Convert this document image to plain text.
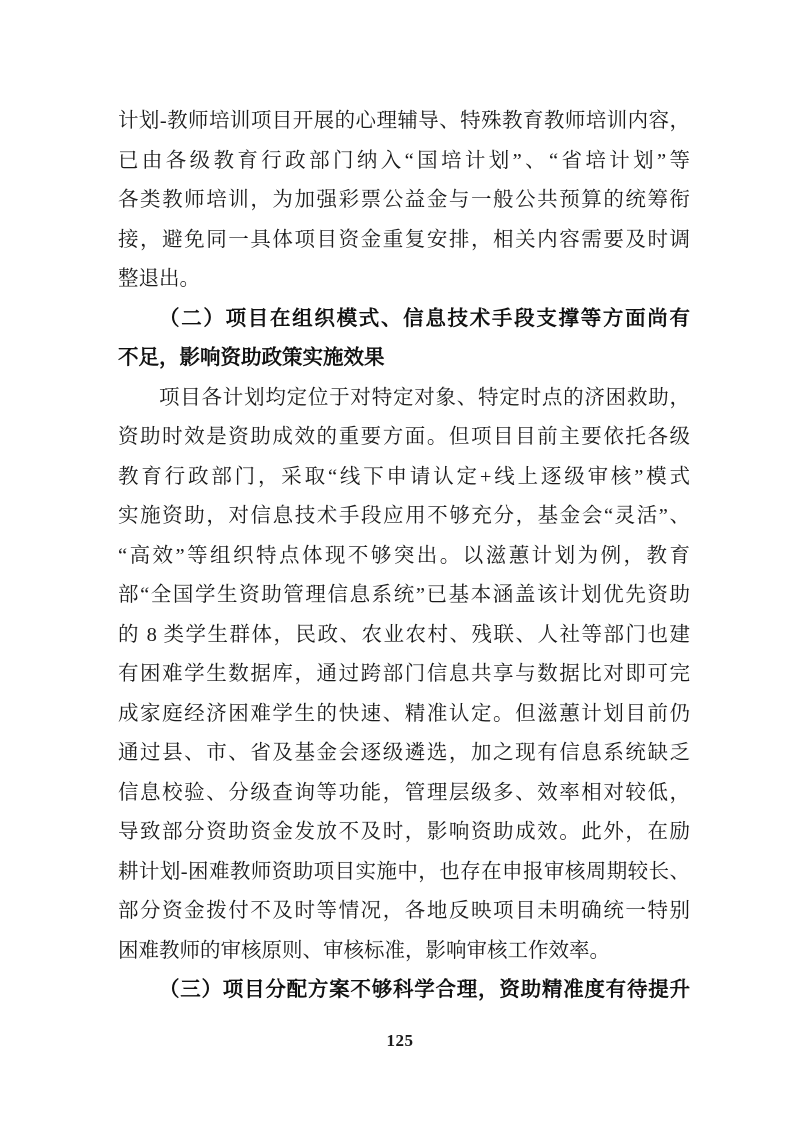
计划-教师培训项目开展的心理辅导、特殊教育教师培训内容，
已由各级教育行政部门纳入“国培计划”、“省培计划”等
各类教师培训，为加强彩票公益金与一般公共预算的统筹衔
接，避免同一具体项目资金重复安排，相关内容需要及时调
整退出。
（二）项目在组织模式、信息技术手段支撑等方面尚有
不足，影响资助政策实施效果
项目各计划均定位于对特定对象、特定时点的济困救助，
资助时效是资助成效的重要方面。但项目目前主要依托各级
教育行政部门，采取“线下申请认定+线上逐级审核”模式
实施资助，对信息技术手段应用不够充分，基金会“灵活”、
“高效”等组织特点体现不够突出。以滋蕙计划为例，教育
部“全国学生资助管理信息系统”已基本涵盖该计划优先资助
的 8 类学生群体，民政、农业农村、残联、人社等部门也建
有困难学生数据库，通过跨部门信息共享与数据比对即可完
成家庭经济困难学生的快速、精准认定。但滋蕙计划目前仍
通过县、市、省及基金会逐级遴选，加之现有信息系统缺乏
信息校验、分级查询等功能，管理层级多、效率相对较低，
导致部分资助资金发放不及时，影响资助成效。此外，在励
耕计划-困难教师资助项目实施中，也存在申报审核周期较长、
部分资金拨付不及时等情况，各地反映项目未明确统一特别
困难教师的审核原则、审核标准，影响审核工作效率。
（三）项目分配方案不够科学合理，资助精准度有待提升
125
